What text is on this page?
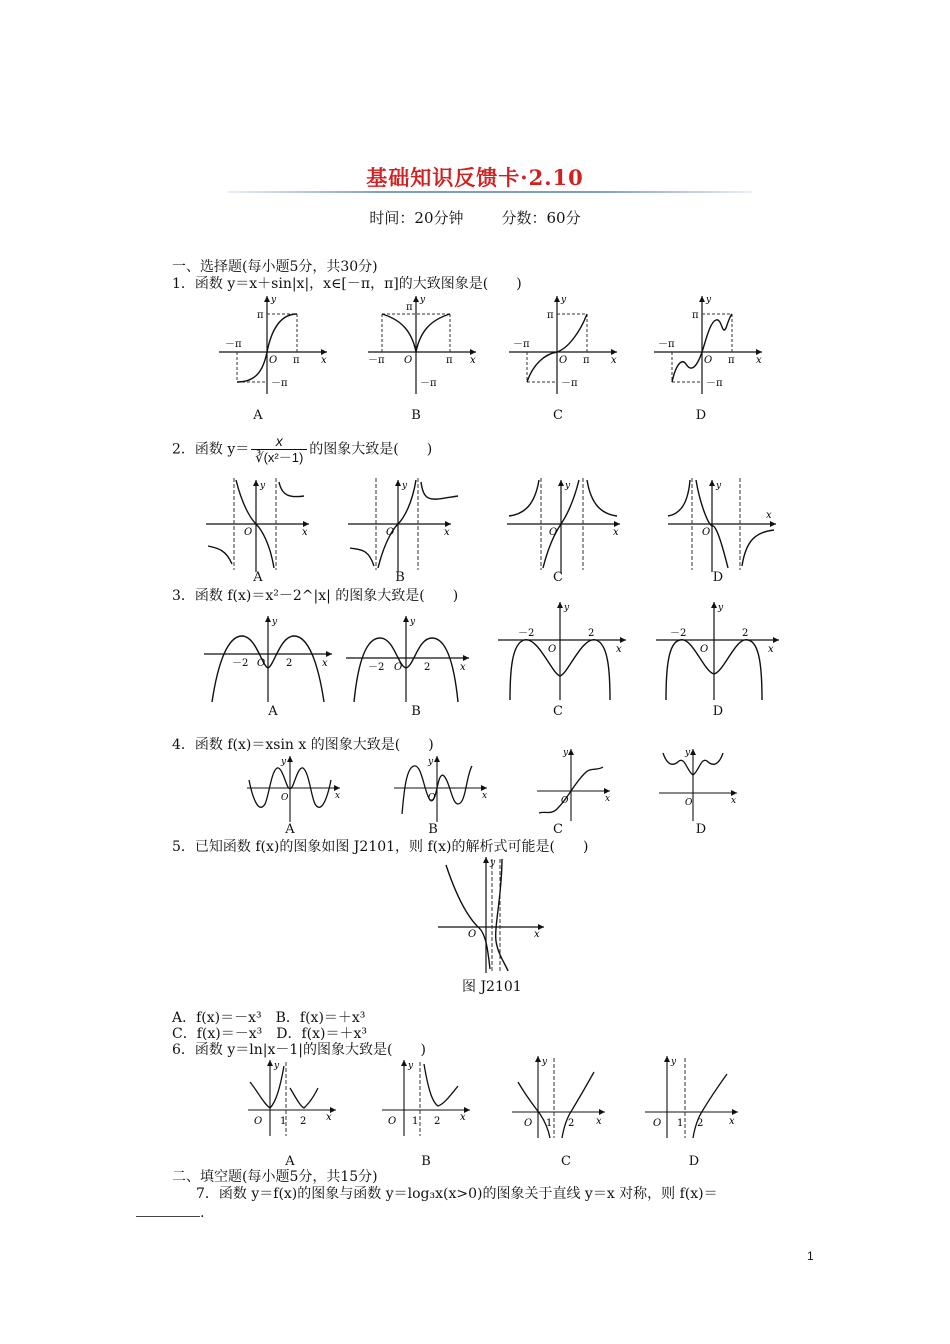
基础知识反馈卡·2.10
时间：20分钟	分数：60分
一、选择题(每小题5分，共30分)
1．函数 y＝x＋sin|x|，x∈[－π，π]的大致图象是(　　)
y
π
－π
O π x
－π
A
y
π
－π O	π x
－π
B
y
π
－π
O π x
－π
C
y
π
－π
O π x
－π
D
2．函数 $y= \frac{x}{\text{∛(x²－1)}}$ 的图象大致是(　　)
y
O	x
A
y
O	x
B
y
O	x
C
y
O
x
D
3．函数 f(x)＝x²－2^|x| 的图象大致是(　　)
y
－2 O 2	x
A
y
－2 O 2	x
B
y
－2
O
2
x
C
y
－2
O
2
x
D
4．函数 f(x)＝xsin x 的图象大致是(　　)
y
O	x
A
y
O	x
B
y
O	x
C
y
O	x
D
5．已知函数 f(x)的图象如图 J2101，则 f(x)的解析式可能是(　　)
y
O	x
图 J2101
A．f(x)＝－x³　B．f(x)＝＋x³
C．f(x)＝－x³　D．f(x)＝＋x³
6．函数 y＝ln|x－1|的图象大致是(　　)
y
O 1 2 x
A
y
O 1 2 x
B
y
O 1 2 x
C
y
O 1 2	x
D
二、填空题(每小题5分，共15分)
7．函数 y＝f(x)的图象与函数 y＝log₃x(x>0)的图象关于直线 y＝x 对称，则 f(x)＝
.
1
